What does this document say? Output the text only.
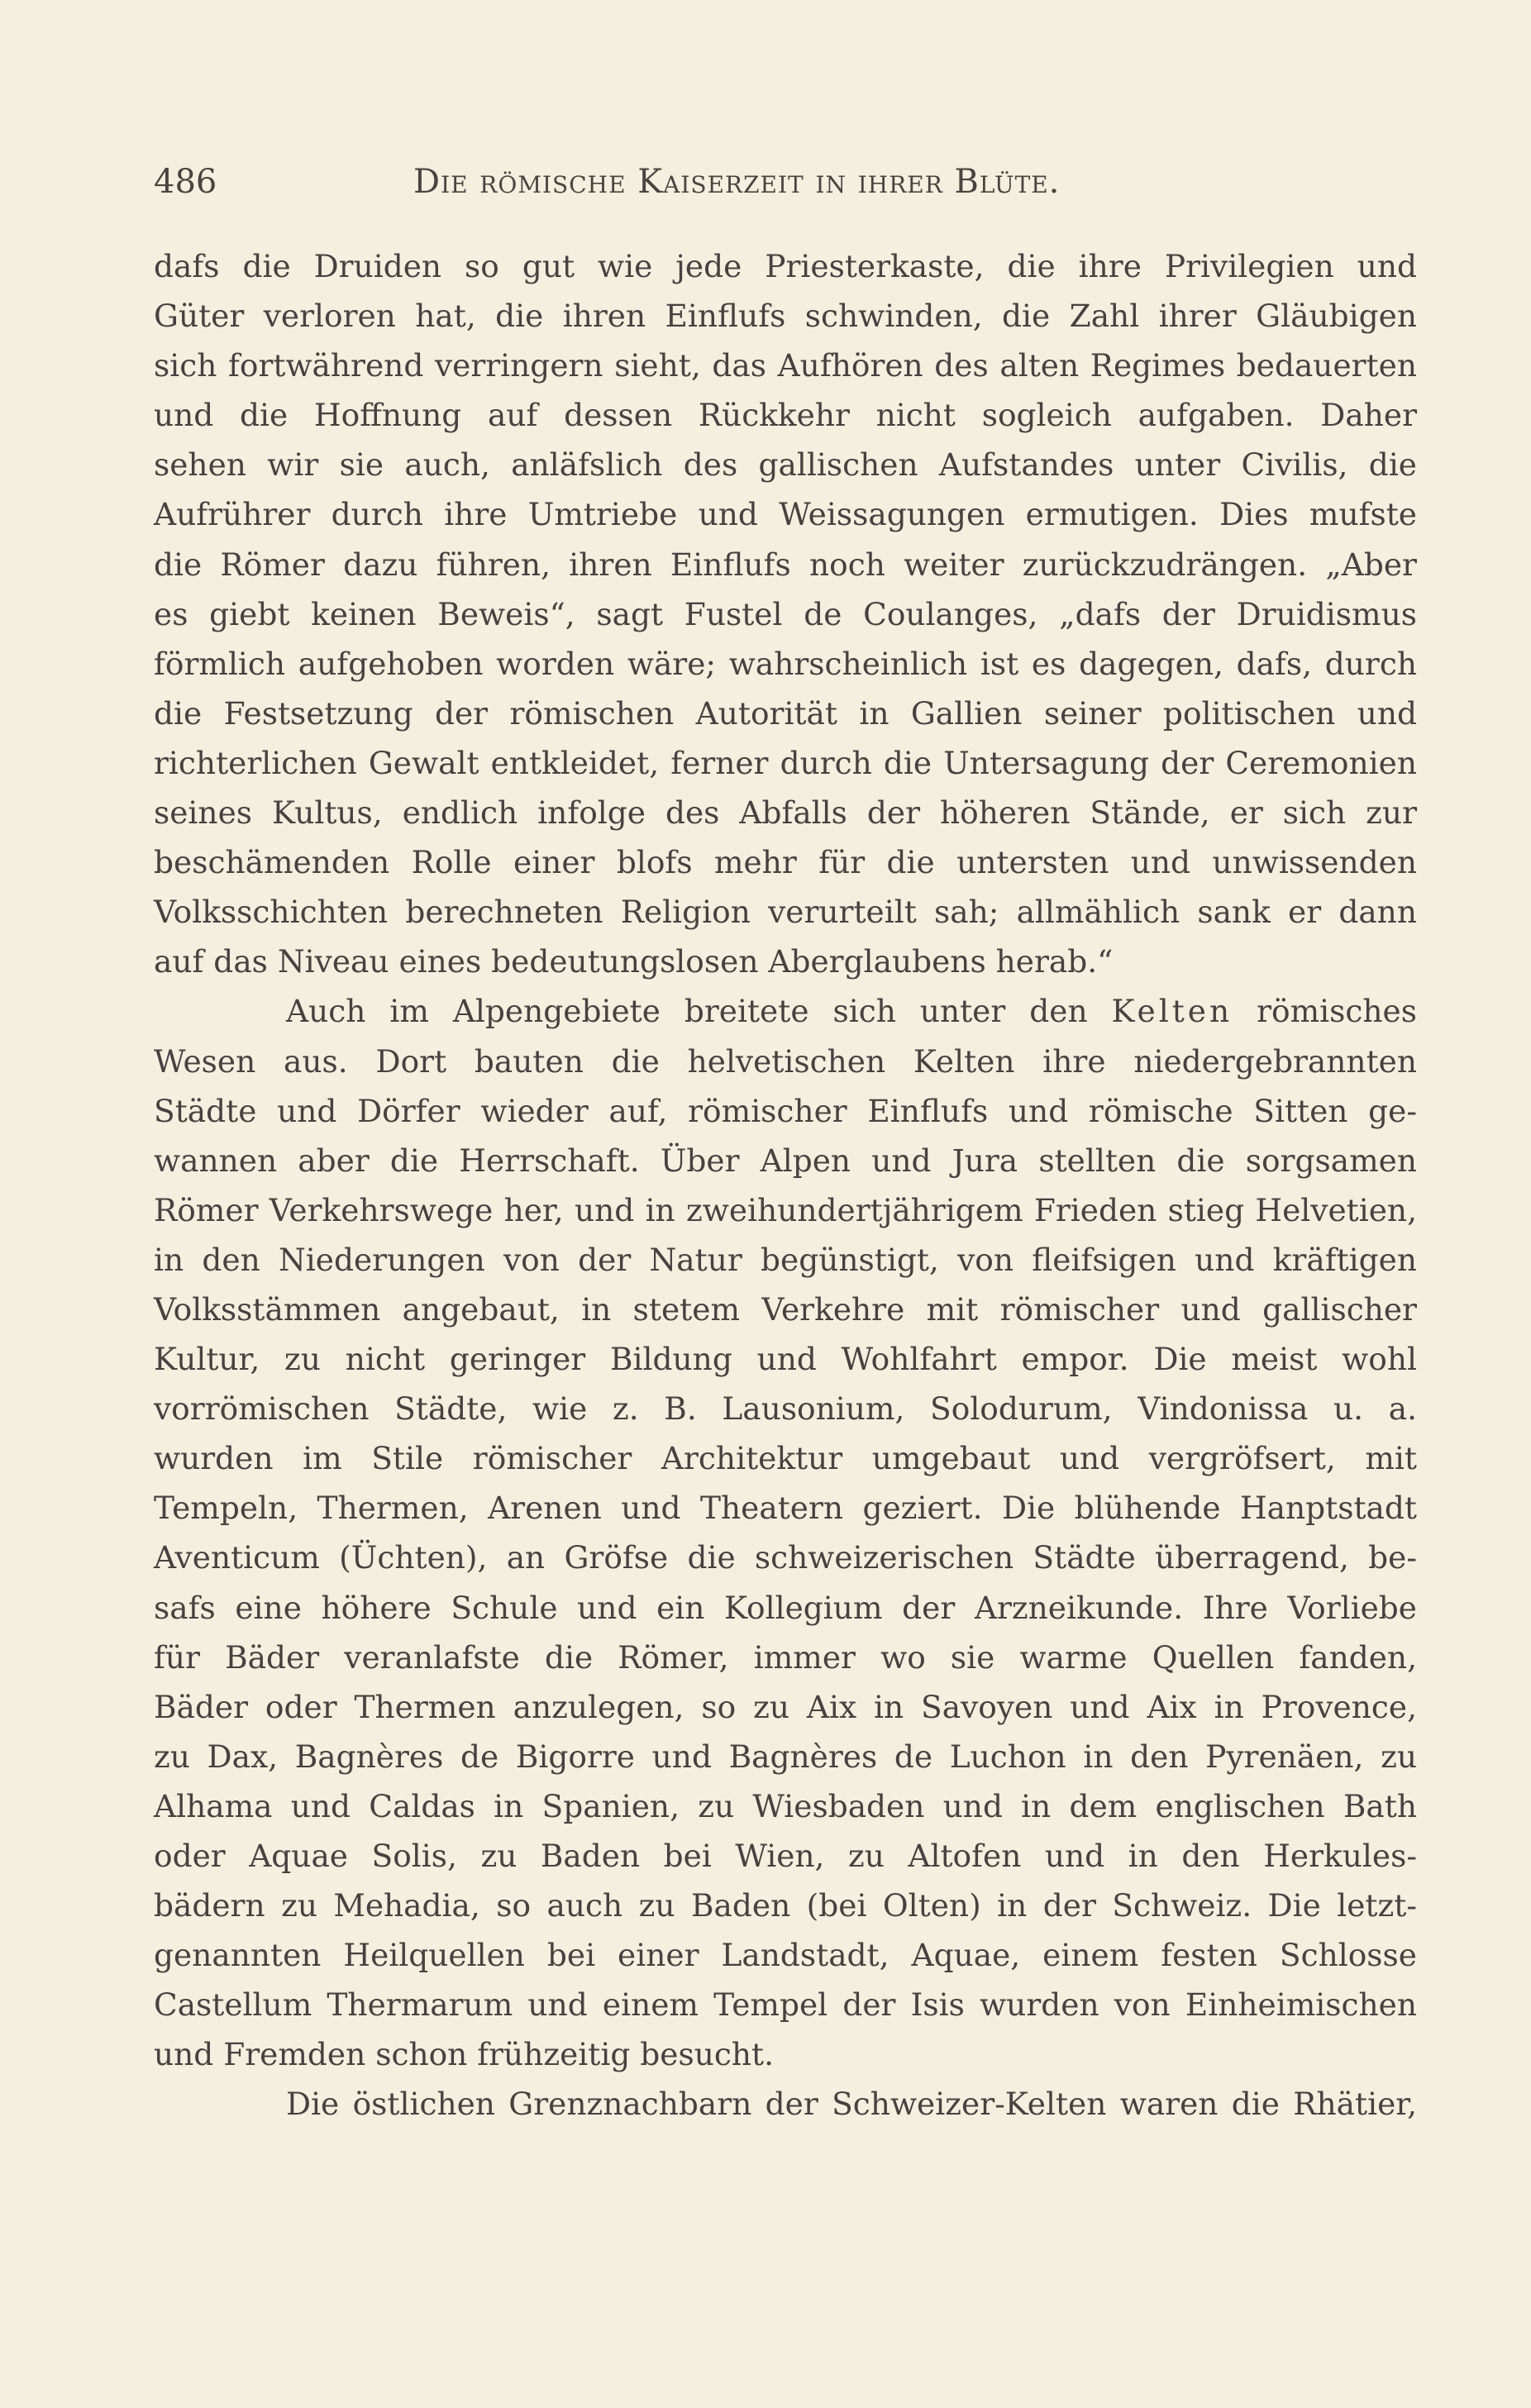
486	Die römische Kaiserzeit in ihrer Blüte.
dafs die Druiden so gut wie jede Priesterkaste, die ihre Privilegien und
Güter verloren hat, die ihren Einflufs schwinden, die Zahl ihrer Gläubigen
sich fortwährend verringern sieht, das Aufhören des alten Regimes bedauerten
und die Hoffnung auf dessen Rückkehr nicht sogleich aufgaben. Daher
sehen wir sie auch, anläfslich des gallischen Aufstandes unter Civilis, die
Aufrührer durch ihre Umtriebe und Weissagungen ermutigen. Dies mufste
die Römer dazu führen, ihren Einflufs noch weiter zurückzudrängen. „Aber
es giebt keinen Beweis“, sagt Fustel de Coulanges, „dafs der Druidismus
förmlich aufgehoben worden wäre; wahrscheinlich ist es dagegen, dafs, durch
die Festsetzung der römischen Autorität in Gallien seiner politischen und
richterlichen Gewalt entkleidet, ferner durch die Untersagung der Ceremonien
seines Kultus, endlich infolge des Abfalls der höheren Stände, er sich zur
beschämenden Rolle einer blofs mehr für die untersten und unwissenden
Volksschichten berechneten Religion verurteilt sah; allmählich sank er dann
auf das Niveau eines bedeutungslosen Aberglaubens herab.“
Auch im Alpengebiete breitete sich unter den Kelten römisches
Wesen aus. Dort bauten die helvetischen Kelten ihre niedergebrannten
Städte und Dörfer wieder auf, römischer Einflufs und römische Sitten ge-
wannen aber die Herrschaft. Über Alpen und Jura stellten die sorgsamen
Römer Verkehrswege her, und in zweihundertjährigem Frieden stieg Helvetien,
in den Niederungen von der Natur begünstigt, von fleifsigen und kräftigen
Volksstämmen angebaut, in stetem Verkehre mit römischer und gallischer
Kultur, zu nicht geringer Bildung und Wohlfahrt empor. Die meist wohl
vorrömischen Städte, wie z. B. Lausonium, Solodurum, Vindonissa u. a.
wurden im Stile römischer Architektur umgebaut und vergröfsert, mit
Tempeln, Thermen, Arenen und Theatern geziert. Die blühende Hanptstadt
Aventicum (Üchten), an Gröfse die schweizerischen Städte überragend, be-
safs eine höhere Schule und ein Kollegium der Arzneikunde. Ihre Vorliebe
für Bäder veranlafste die Römer, immer wo sie warme Quellen fanden,
Bäder oder Thermen anzulegen, so zu Aix in Savoyen und Aix in Provence,
zu Dax, Bagnères de Bigorre und Bagnères de Luchon in den Pyrenäen, zu
Alhama und Caldas in Spanien, zu Wiesbaden und in dem englischen Bath
oder Aquae Solis, zu Baden bei Wien, zu Altofen und in den Herkules-
bädern zu Mehadia, so auch zu Baden (bei Olten) in der Schweiz. Die letzt-
genannten Heilquellen bei einer Landstadt, Aquae, einem festen Schlosse
Castellum Thermarum und einem Tempel der Isis wurden von Einheimischen
und Fremden schon frühzeitig besucht.
Die östlichen Grenznachbarn der Schweizer-Kelten waren die Rhätier,
